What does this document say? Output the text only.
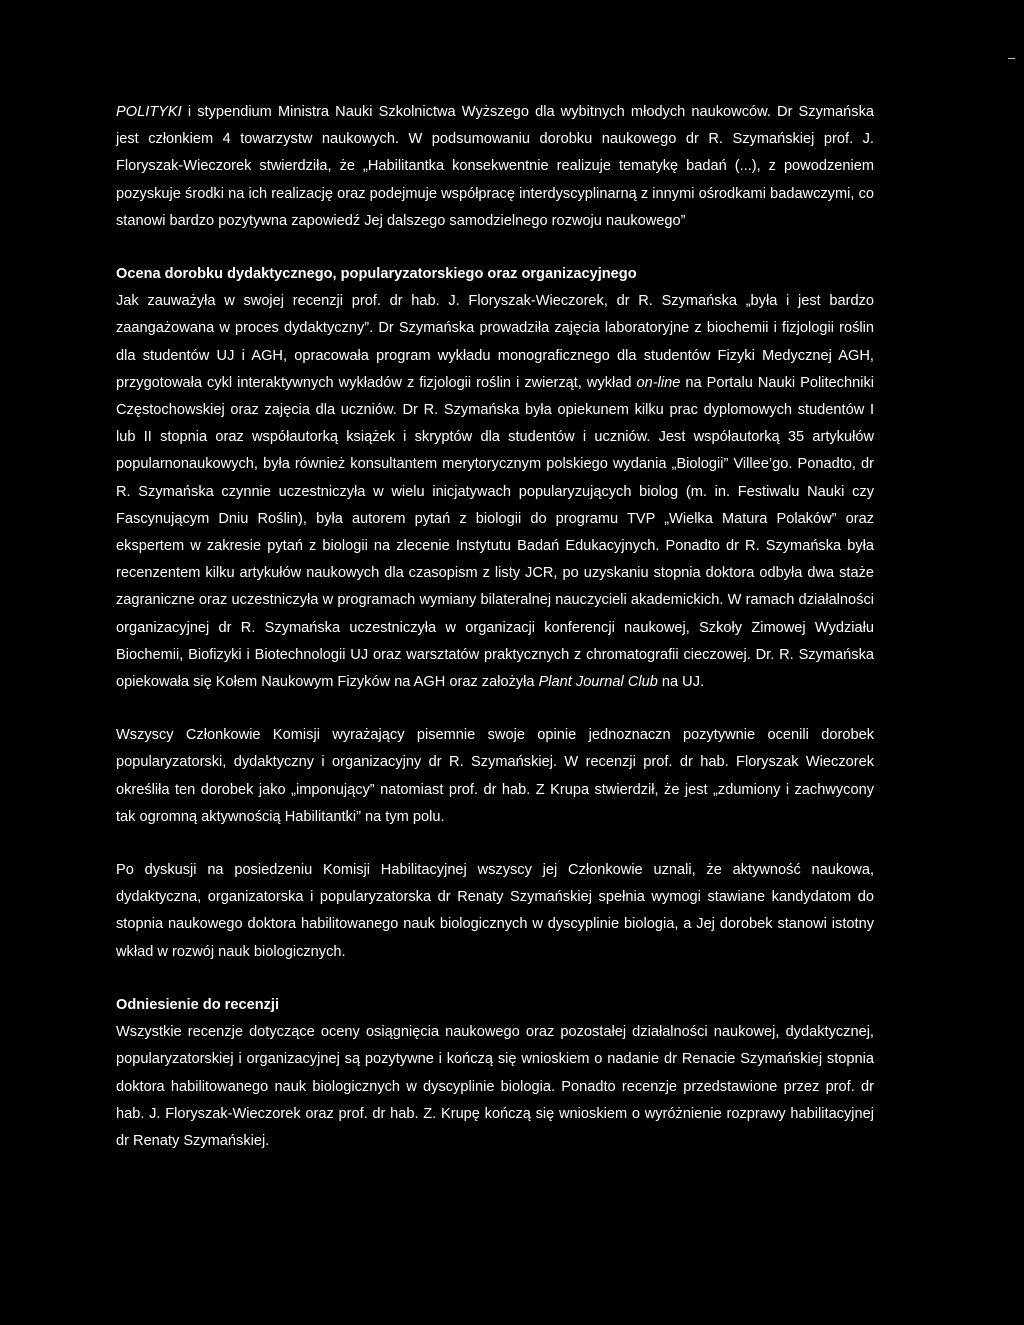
POLITYKI i stypendium Ministra Nauki Szkolnictwa Wyższego dla wybitnych młodych naukowców. Dr Szymańska jest członkiem 4 towarzystw naukowych. W podsumowaniu dorobku naukowego dr R. Szymańskiej prof. J. Floryszak-Wieczorek stwierdziła, że „Habilitantka konsekwentnie realizuje tematykę badań (...), z powodzeniem pozyskuje środki na ich realizację oraz podejmuje współpracę interdyscyplinarną z innymi ośrodkami badawczymi, co stanowi bardzo pozytywna zapowiedź Jej dalszego samodzielnego rozwoju naukowego”

Ocena dorobku dydaktycznego, popularyzatorskiego oraz organizacyjnego

Jak zauważyła w swojej recenzji prof. dr hab. J. Floryszak-Wieczorek, dr R. Szymańska „była i jest bardzo zaangażowana w proces dydaktyczny”. Dr Szymańska prowadziła zajęcia laboratoryjne z biochemii i fizjologii roślin dla studentów UJ i AGH, opracowała program wykładu monograficznego dla studentów Fizyki Medycznej AGH, przygotowała cykl interaktywnych wykładów z fizjologii roślin i zwierząt, wykład on-line na Portalu Nauki Politechniki Częstochowskiej oraz zajęcia dla uczniów. Dr R. Szymańska była opiekunem kilku prac dyplomowych studentów I lub II stopnia oraz współautorką książek i skryptów dla studentów i uczniów. Jest współautorką 35 artykułów popularnonaukowych, była również konsultantem merytorycznym polskiego wydania „Biologii” Villee’go. Ponadto, dr R. Szymańska czynnie uczestniczyła w wielu inicjatywach popularyzujących biolog (m. in. Festiwalu Nauki czy Fascynującym Dniu Roślin), była autorem pytań z biologii do programu TVP „Wielka Matura Polaków” oraz ekspertem w zakresie pytań z biologii na zlecenie Instytutu Badań Edukacyjnych. Ponadto dr R. Szymańska była recenzentem kilku artykułów naukowych dla czasopism z listy JCR, po uzyskaniu stopnia doktora odbyła dwa staże zagraniczne oraz uczestniczyła w programach wymiany bilateralnej nauczycieli akademickich. W ramach działalności organizacyjnej dr R. Szymańska uczestniczyła w organizacji konferencji naukowej, Szkoły Zimowej Wydziału Biochemii, Biofizyki i Biotechnologii UJ oraz warsztatów praktycznych z chromatografii cieczowej. Dr. R. Szymańska opiekowała się Kołem Naukowym Fizyków na AGH oraz założyła Plant Journal Club na UJ.

Wszyscy Członkowie Komisji wyrażający pisemnie swoje opinie jednoznaczn pozytywnie ocenili dorobek popularyzatorski, dydaktyczny i organizacyjny dr R. Szymańskiej. W recenzji prof. dr hab. Floryszak Wieczorek określiła ten dorobek jako „imponujący” natomiast prof. dr hab. Z Krupa stwierdził, że jest „zdumiony i zachwycony tak ogromną aktywnością Habilitantki” na tym polu.

Po dyskusji na posiedzeniu Komisji Habilitacyjnej wszyscy jej Członkowie uznali, że aktywność naukowa, dydaktyczna, organizatorska i popularyzatorska dr Renaty Szymańskiej spełnia wymogi stawiane kandydatom do stopnia naukowego doktora habilitowanego nauk biologicznych w dyscyplinie biologia, a Jej dorobek stanowi istotny wkład w rozwój nauk biologicznych.

Odniesienie do recenzji

Wszystkie recenzje dotyczące oceny osiągnięcia naukowego oraz pozostałej działalności naukowej, dydaktycznej, popularyzatorskiej i organizacyjnej są pozytywne i kończą się wnioskiem o nadanie dr Renacie Szymańskiej stopnia doktora habilitowanego nauk biologicznych w dyscyplinie biologia. Ponadto recenzje przedstawione przez prof. dr hab. J. Floryszak-Wieczorek oraz prof. dr hab. Z. Krupę kończą się wnioskiem o wyróżnienie rozprawy habilitacyjnej dr Renaty Szymańskiej.
